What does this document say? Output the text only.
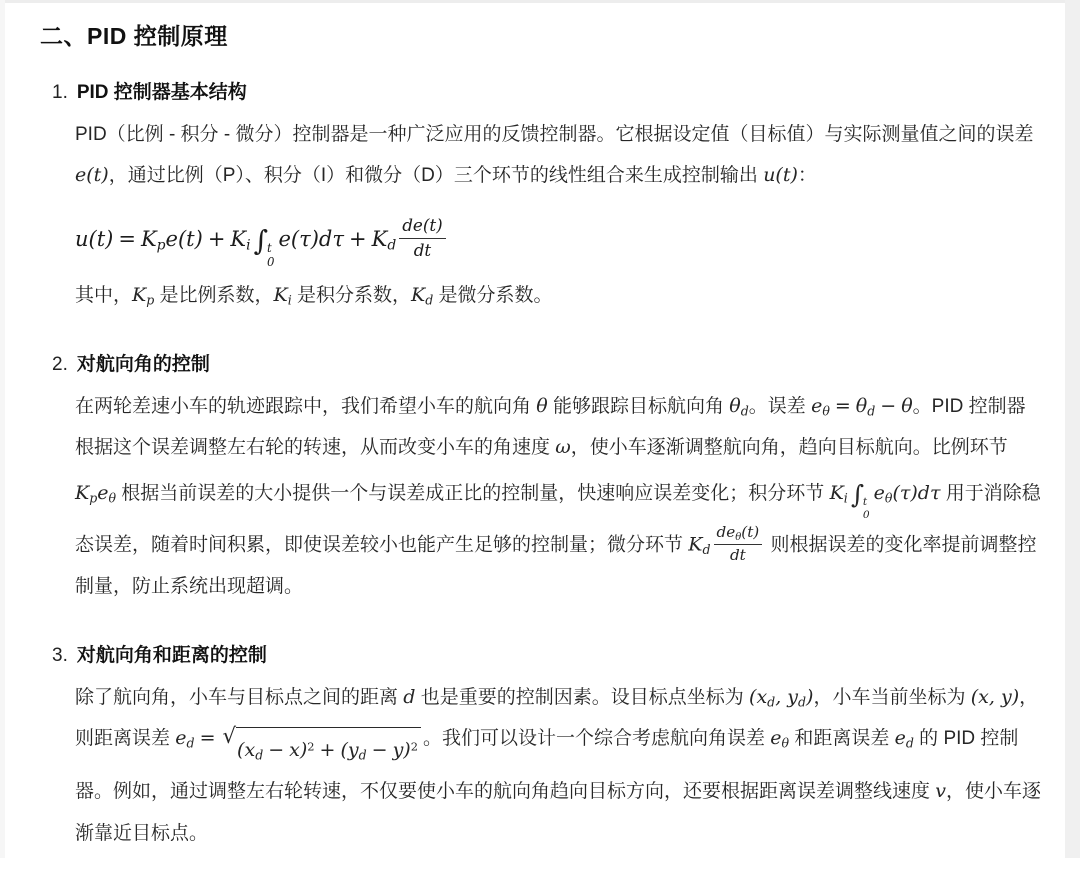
二、PID 控制原理
1. PID 控制器基本结构

PID（比例 - 积分 - 微分）控制器是一种广泛应用的反馈控制器。它根据设定值（目标值）与实际测量值之间的误差 e(t)，通过比例（P）、积分（I）和微分（D）三个环节的线性组合来生成控制输出 u(t)：

$u(t) = K_pe(t) + K_i$ ∫ t
0
$e(\tau)d\tau + K_d \frac{de(t)}{dt}$

其中，$K_p$ 是比例系数，$K_i$ 是积分系数，$K_d$ 是微分系数。

2. 对航向角的控制

在两轮差速小车的轨迹跟踪中，我们希望小车的航向角 θ 能够跟踪目标航向角 $\theta_d$。误差 $e_\theta = \theta_d - \theta$。PID 控制器根据这个误差调整左右轮的转速，从而改变小车的角速度 ω，使小车逐渐调整航向角，趋向目标航向。比例环节 $K_pe_\theta$ 根据当前误差的大小提供一个与误差成正比的控制量，快速响应误差变化；积分环节 $K_i$ ∫ t
0
$e_\theta(\tau)d\tau$ 用于消除稳态误差，随着时间积累，即使误差较小也能产生足够的控制量；微分环节 $K_d \frac{de_\theta(t)}{dt}$ 则根据误差的变化率提前调整控制量，防止系统出现超调。

3. 对航向角和距离的控制

除了航向角，小车与目标点之间的距离 d 也是重要的控制因素。设目标点坐标为 ($x_d$, $y_d$)，小车当前坐标为 (x, y)，则距离误差 $e_d$ = √
$(x_d - x)^2 + (y_d - y)^2$ 。我们可以设计一个综合考虑航向角误差 $e_\theta$ 和距离误差 $e_d$ 的 PID 控制器。例如，通过调整左右轮转速，不仅要使小车的航向角趋向目标方向，还要根据距离误差调整线速度 v，使小车逐渐靠近目标点。
